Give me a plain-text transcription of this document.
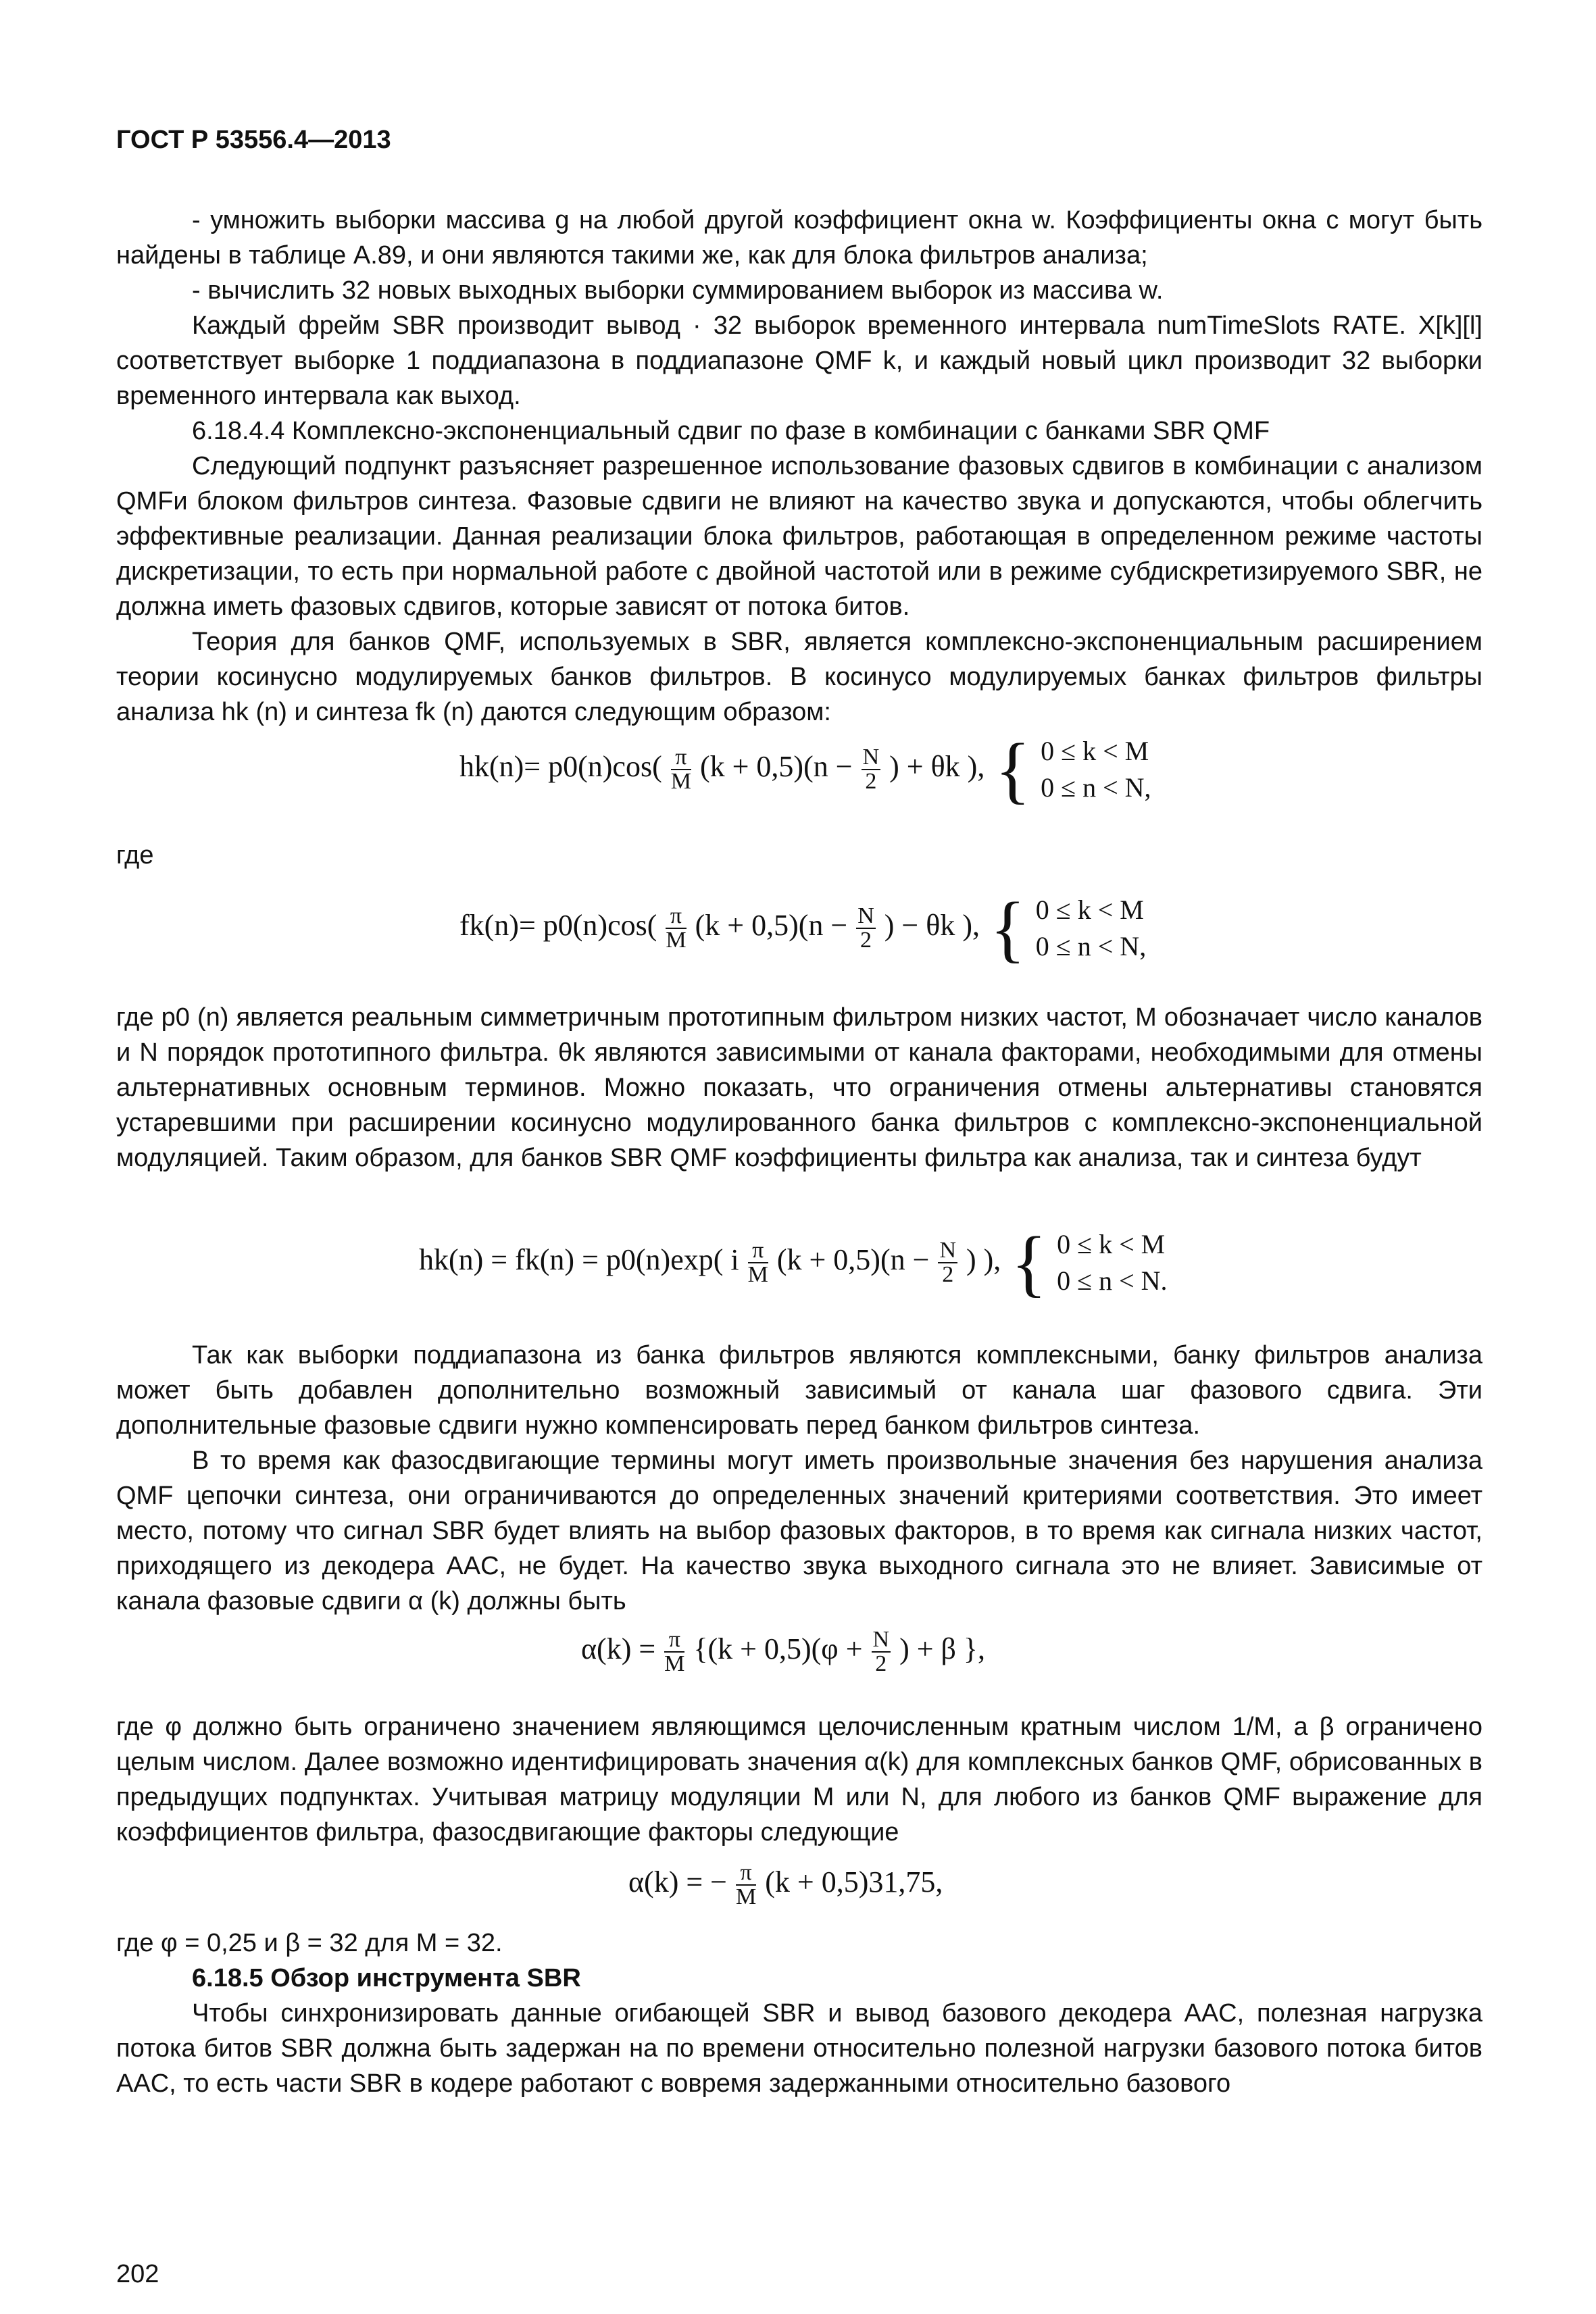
ГОСТ Р 53556.4—2013

- умножить выборки массива g на любой другой коэффициент окна w. Коэффициенты окна c могут быть найдены в таблице А.89, и они являются такими же, как для блока фильтров анализа;

- вычислить 32 новых выходных выборки суммированием выборок из массива w.

Каждый фрейм SBR производит вывод · 32 выборок временного интервала numTimeSlots RATE. X[k][l] соответствует выборке 1 поддиапазона в поддиапазоне QMF k, и каждый новый цикл производит 32 выборки временного интервала как выход.

6.18.4.4 Комплексно-экспоненциальный сдвиг по фазе в комбинации с банками SBR QMF

Следующий подпункт разъясняет разрешенное использование фазовых сдвигов в комбинации с анализом QMFи блоком фильтров синтеза. Фазовые сдвиги не влияют на качество звука и допускаются, чтобы облегчить эффективные реализации. Данная реализации блока фильтров, работающая в определенном режиме частоты дискретизации, то есть при нормальной работе с двойной частотой или в режиме субдискретизируемого SBR, не должна иметь фазовых сдвигов, которые зависят от потока битов.

Теория для банков QMF, используемых в SBR, является комплексно-экспоненциальным расширением теории косинусно модулируемых банков фильтров. В косинусо модулируемых банках фильтров фильтры анализа hk (n) и синтеза fk (n) даются следующим образом:

$hk(n)= p0(n)\cos( \frac{\pi}{M} (k + 0,5)(n - \frac{N}{2}$ ) + θk ), { 0 ≤ k < M
0 ≤ n < N,
где
$fk(n)= p0(n)\cos( \frac{\pi}{M} (k + 0,5)(n - \frac{N}{2}$ ) − θk ), { 0 ≤ k < M
0 ≤ n < N,

где p0 (n) является реальным симметричным прототипным фильтром низких частот, M обозначает число каналов и N порядок прототипного фильтра. θk являются зависимыми от канала факторами, необходимыми для отмены альтернативных основным терминов. Можно показать, что ограничения отмены альтернативы становятся устаревшими при расширении косинусно модулированного банка фильтров с комплексно-экспоненциальной модуляцией. Таким образом, для банков SBR QMF коэффициенты фильтра как анализа, так и синтеза будут

hk(n) = fk(n) = p0(n)exp( i $\frac{\pi}{M} (k + 0,5)(n - \frac{N}{2}$ ) ), { 0 ≤ k < M
0 ≤ n < N.

Так как выборки поддиапазона из банка фильтров являются комплексными, банку фильтров анализа может быть добавлен дополнительно возможный зависимый от канала шаг фазового сдвига. Эти дополнительные фазовые сдвиги нужно компенсировать перед банком фильтров синтеза.

В то время как фазосдвигающие термины могут иметь произвольные значения без нарушения анализа QMF цепочки синтеза, они ограничиваются до определенных значений критериями соответствия. Это имеет место, потому что сигнал SBR будет влиять на выбор фазовых факторов, в то время как сигнала низких частот, приходящего из декодера AAC, не будет. На качество звука выходного сигнала это не влияет. Зависимые от канала фазовые сдвиги α (k) должны быть

$\alpha(k) = \frac{\pi}{M} \{(k + 0,5)(\varphi + \frac{N}{2}$ ) + β },

где φ должно быть ограничено значением являющимся целочисленным кратным числом 1/M, а β ограничено целым числом. Далее возможно идентифицировать значения α(k) для комплексных банков QMF, обрисованных в предыдущих подпунктах. Учитывая матрицу модуляции M или N, для любого из банков QMF выражение для коэффициентов фильтра, фазосдвигающие факторы следующие

α(k) = − $\frac{\pi}{M} (k + 0,5)31,75$,

где φ = 0,25 и β = 32 для M = 32.

6.18.5 Обзор инструмента SBR

Чтобы синхронизировать данные огибающей SBR и вывод базового декодера AAC, полезная нагрузка потока битов SBR должна быть задержан на по времени относительно полезной нагрузки базового потока битов AAC, то есть части SBR в кодере работают с вовремя задержанными относительно базового

202
